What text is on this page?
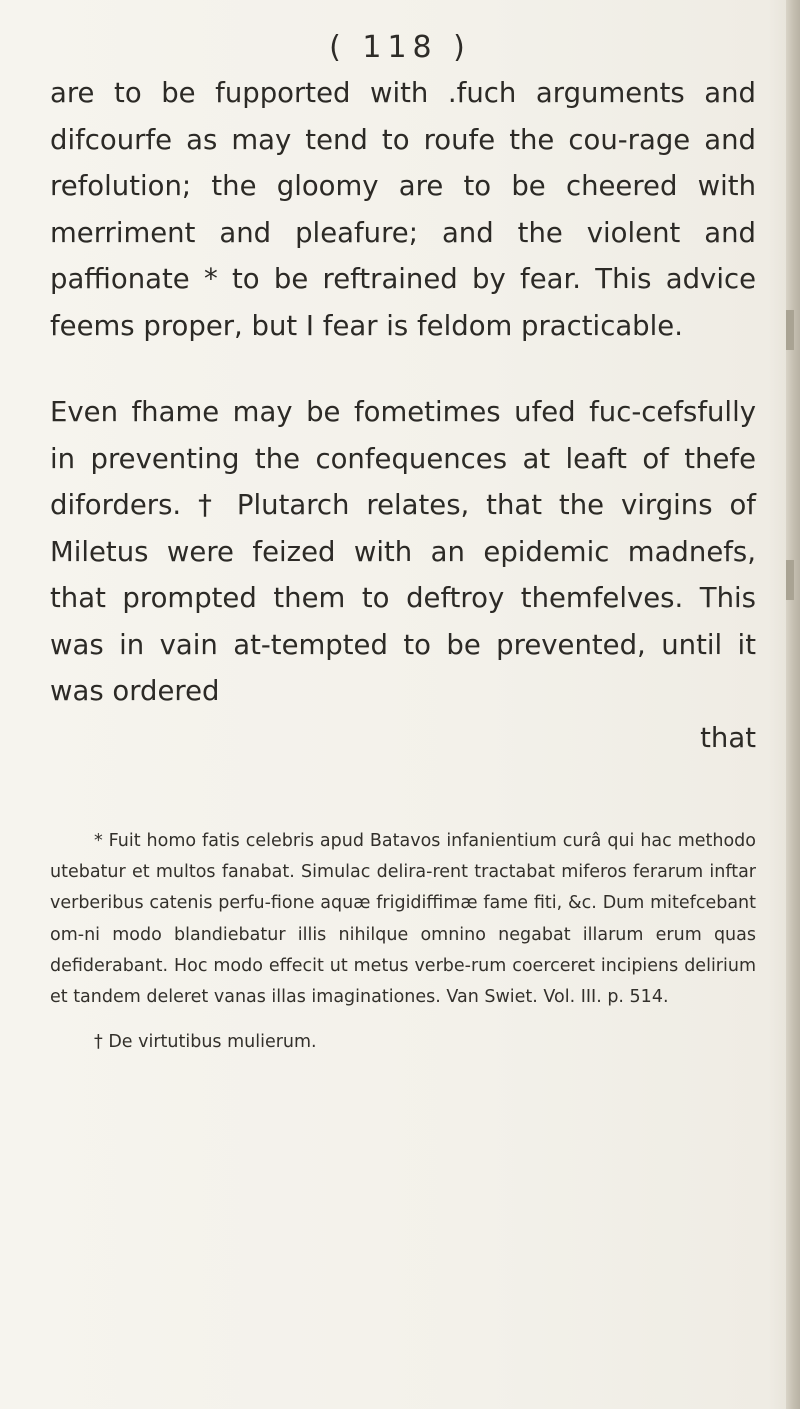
( 118 )

are to be fupported with .fuch arguments and difcourfe as may tend to roufe the cou-rage and refolution; the gloomy are to be cheered with merriment and pleafure; and the violent and paffionate * to be reftrained by fear. This advice feems proper, but I fear is feldom practicable.

Even fhame may be fometimes ufed fuc-cefsfully in preventing the confequences at leaft of thefe diforders. † Plutarch relates, that the virgins of Miletus were feized with an epidemic madnefs, that prompted them to deftroy themfelves. This was in vain at-tempted to be prevented, until it was ordered

that

* Fuit homo fatis celebris apud Batavos infanientium curâ qui hac methodo utebatur et multos fanabat. Simulac delira-rent tractabat miferos ferarum inftar verberibus catenis perfu-fione aquæ frigidiffimæ fame fiti, &c. Dum mitefcebant om-ni modo blandiebatur illis nihilque omnino negabat illarum erum quas defiderabant. Hoc modo effecit ut metus verbe-rum coerceret incipiens delirium et tandem deleret vanas illas imaginationes. Van Swiet. Vol. III. p. 514.

† De virtutibus mulierum.
